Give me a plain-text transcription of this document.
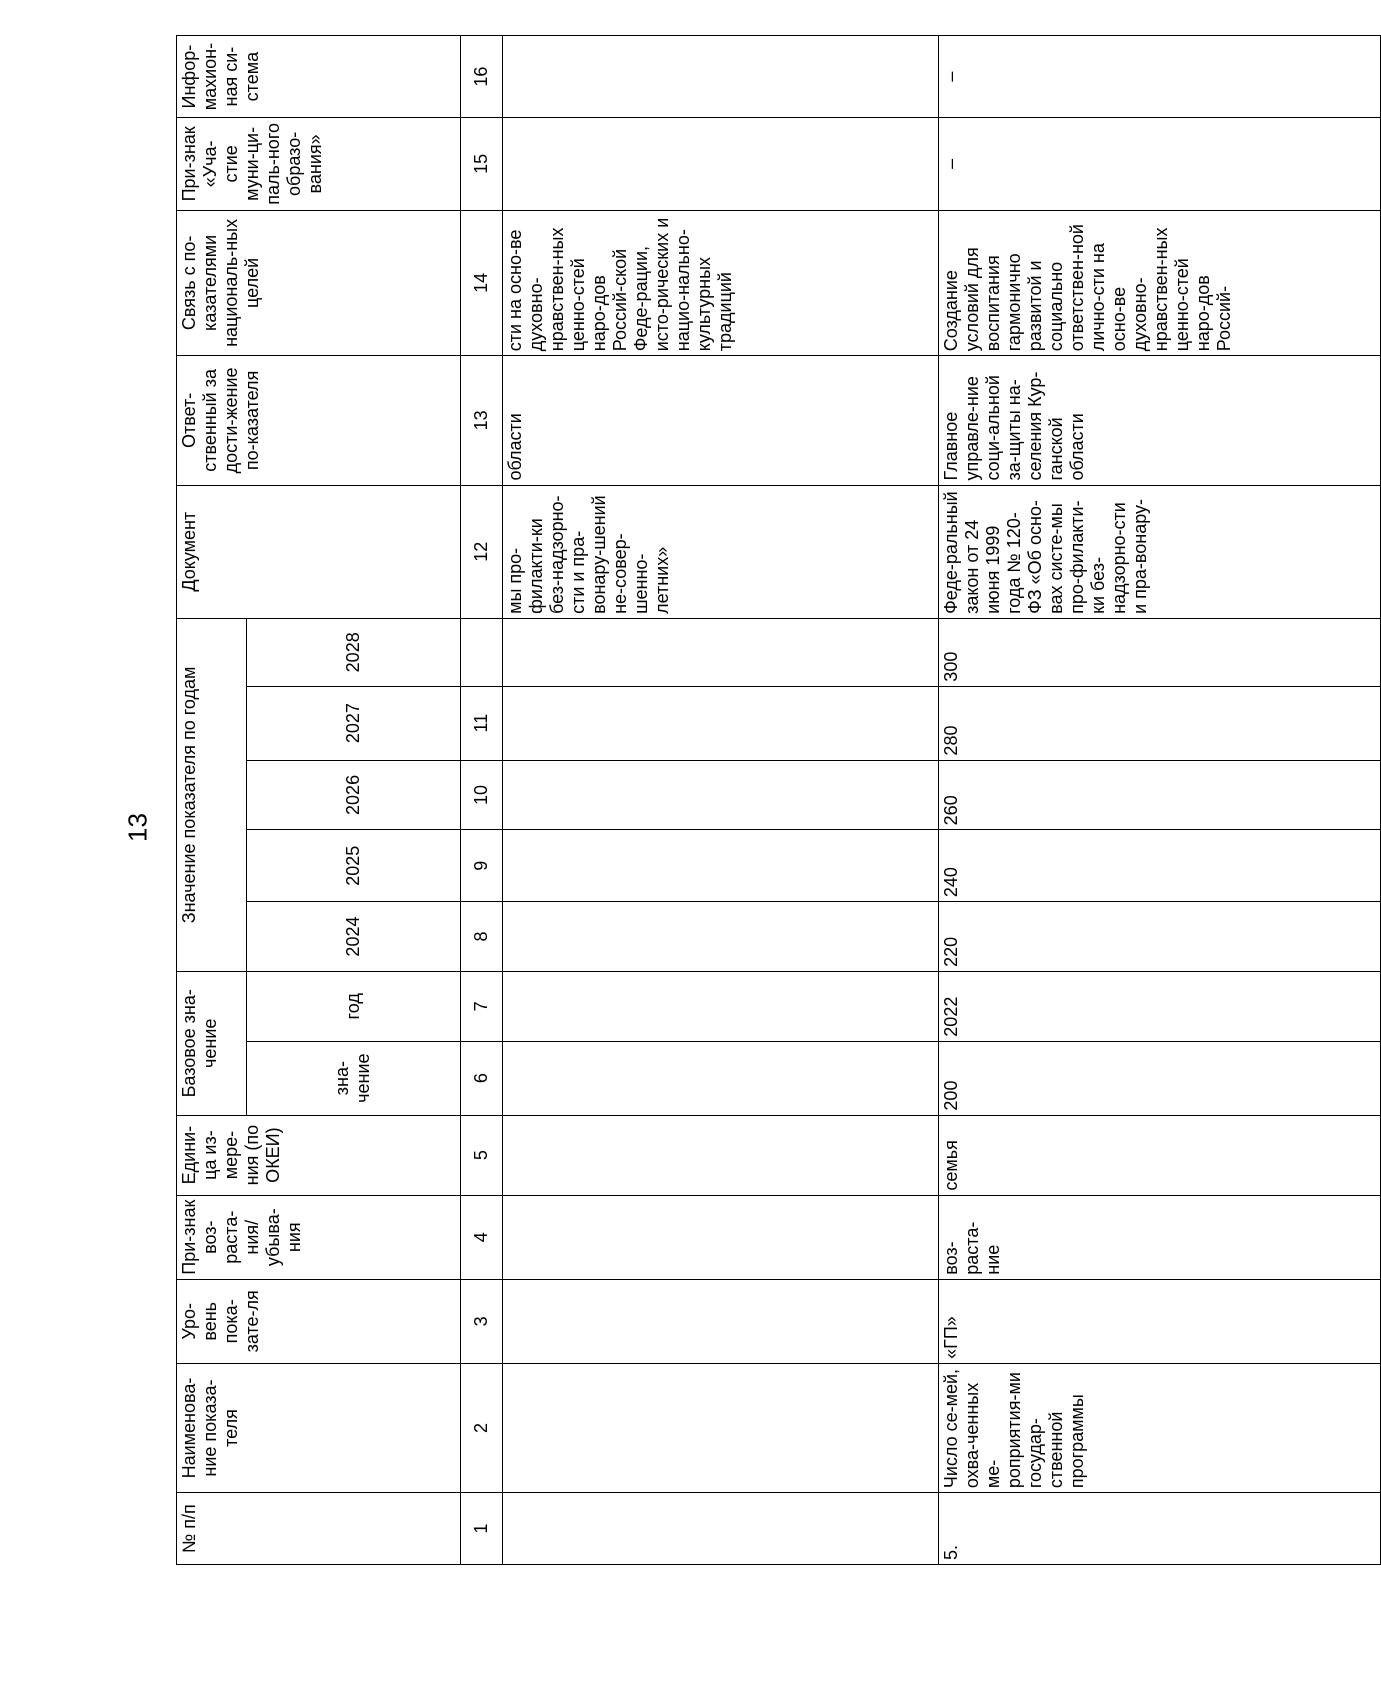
13
№ п/п	Наименова-ние показа-теля	Уро-вень пока-зате-ля	При-знак воз-раста-ния/ убыва-ния	Едини-ца из-мере-ния (по ОКЕИ)	Базовое зна-чение		Значение показателя по годам					Документ	Ответ-ственный за дости-жение по-казателя	Связь с по-казателями националь-ных целей	При-знак «Уча-стие муни-ци-паль-ного образо-вания»	Инфор-махион-ная си-стема
					зна-чение	год	2024	2025	2026	2027	2028					
1	2	3	4	5	6	7	8	9	10	11		12	13	14	15	16
												мы про-филакти-ки без-надзорно-сти и пра-вонару-шений не-совер-шенно-летних»	области	сти на осно-ве духовно-нравствен-ных ценно-стей наро-дов Россий-ской Феде-рации, исто-рических и нацио-нально-культурных традиций		
5.	Число се-мей, охва-ченных ме-роприятия-ми государ-ственной программы	«ГП»	воз-раста-ние	семья	200	2022	220	240	260	280	300	Феде-ральный закон от 24 июня 1999 года № 120-ФЗ «Об осно-вах систе-мы про-филакти-ки без-надзорно-сти и пра-вонару-	Главное управле-ние соци-альной за-щиты на-селения Кур-ганской области	Создание условий для воспитания гармонично развитой и социально ответствен-ной лично-сти на осно-ве духовно-нравствен-ных ценно-стей наро-дов Россий-	–	–
